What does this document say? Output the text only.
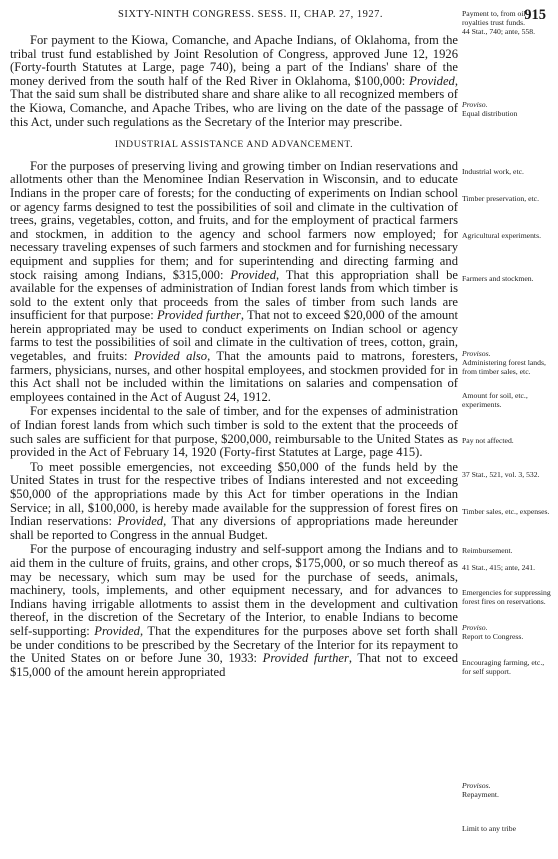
SIXTY-NINTH CONGRESS. SESS. II, CHAP. 27, 1927.	915

For payment to the Kiowa, Comanche, and Apache Indians, of Oklahoma, from the tribal trust fund established by Joint Resolution of Congress, approved June 12, 1926 (Forty-fourth Statutes at Large, page 740), being a part of the Indians' share of the money derived from the south half of the Red River in Oklahoma, $100,000: Provided, That the said sum shall be distributed share and share alike to all recognized members of the Kiowa, Comanche, and Apache Tribes, who are living on the date of the passage of this Act, under such regulations as the Secretary of the Interior may prescribe.

INDUSTRIAL ASSISTANCE AND ADVANCEMENT.

For the purposes of preserving living and growing timber on Indian reservations and allotments other than the Menominee Indian Reservation in Wisconsin, and to educate Indians in the proper care of forests; for the conducting of experiments on Indian school or agency farms designed to test the possibilities of soil and climate in the cultivation of trees, grains, vegetables, cotton, and fruits, and for the employment of practical farmers and stockmen, in addition to the agency and school farmers now employed; for necessary traveling expenses of such farmers and stockmen and for furnishing necessary equipment and supplies for them; and for superintending and directing farming and stock raising among Indians, $315,000: Provided, That this appropriation shall be available for the expenses of administration of Indian forest lands from which timber is sold to the extent only that proceeds from the sales of timber from such lands are insufficient for that purpose: Provided further, That not to exceed $20,000 of the amount herein appropriated may be used to conduct experiments on Indian school or agency farms to test the possibilities of soil and climate in the cultivation of trees, cotton, grain, vegetables, and fruits: Provided also, That the amounts paid to matrons, foresters, farmers, physicians, nurses, and other hospital employees, and stockmen provided for in this Act shall not be included within the limitations on salaries and compensation of employees contained in the Act of August 24, 1912.

For expenses incidental to the sale of timber, and for the expenses of administration of Indian forest lands from which such timber is sold to the extent that the proceeds of such sales are sufficient for that purpose, $200,000, reimbursable to the United States as provided in the Act of February 14, 1920 (Forty-first Statutes at Large, page 415).

To meet possible emergencies, not exceeding $50,000 of the funds held by the United States in trust for the respective tribes of Indians interested and not exceeding $50,000 of the appropriations made by this Act for timber operations in the Indian Service; in all, $100,000, is hereby made available for the suppression of forest fires on Indian reservations: Provided, That any diversions of appropriations made hereunder shall be reported to Congress in the annual Budget.

For the purpose of encouraging industry and self-support among the Indians and to aid them in the culture of fruits, grains, and other crops, $175,000, or so much thereof as may be necessary, which sum may be used for the purchase of seeds, animals, machinery, tools, implements, and other equipment necessary, and for advances to Indians having irrigable allotments to assist them in the development and cultivation thereof, in the discretion of the Secretary of the Interior, to enable Indians to become self-supporting: Provided, That the expenditures for the purposes above set forth shall be under conditions to be prescribed by the Secretary of the Interior for its repayment to the United States on or before June 30, 1933: Provided further, That not to exceed $15,000 of the amount herein appropriated

Payment to, from oil royalties trust funds.
44 Stat., 740; ante, 558.
Proviso.
Equal distribution
Industrial work, etc.
Timber preservation, etc.
Agricultural experiments.
Farmers and stockmen.
Provisos.
Administering forest lands, from timber sales, etc.
Amount for soil, etc., experiments.
Pay not affected.
37 Stat., 521, vol. 3, 532.
Timber sales, etc., expenses.
Reimbursement.
41 Stat., 415; ante, 241.
Emergencies for suppressing forest fires on reservations.
Proviso.
Report to Congress.
Encouraging farming, etc., for self support.
Provisos.
Repayment.
Limit to any tribe
